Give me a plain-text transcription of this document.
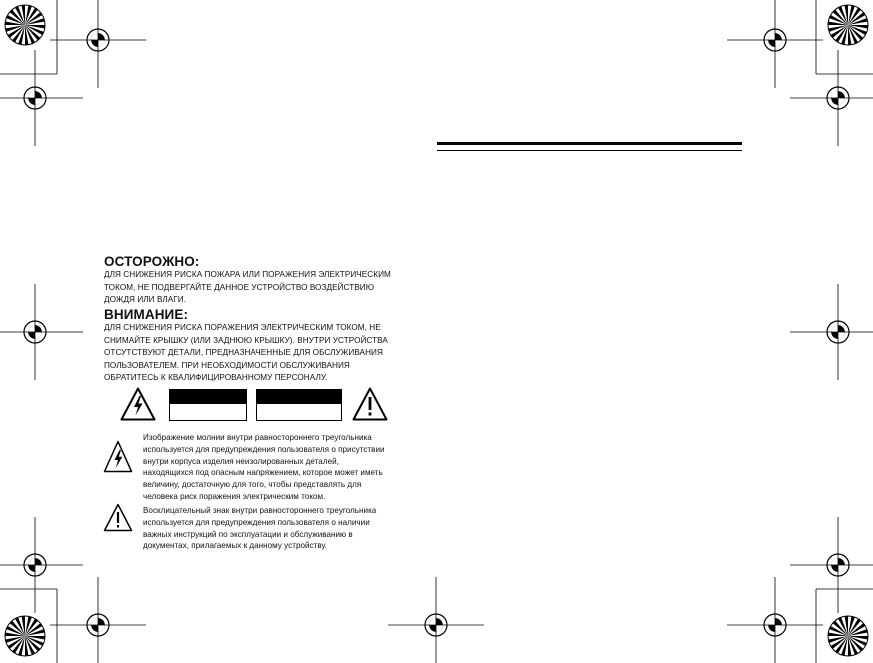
ОСТОРОЖНО:

ДЛЯ СНИЖЕНИЯ РИСКА ПОЖАРА ИЛИ ПОРАЖЕНИЯ ЭЛЕКТРИЧЕСКИМ
ТОКОМ, НЕ ПОДВЕРГАЙТЕ ДАННОЕ УСТРОЙСТВО ВОЗДЕЙСТВИЮ
ДОЖДЯ ИЛИ ВЛАГИ.

ВНИМАНИЕ:

ДЛЯ СНИЖЕНИЯ РИСКА ПОРАЖЕНИЯ ЭЛЕКТРИЧЕСКИМ ТОКОМ, НЕ
СНИМАЙТЕ КРЫШКУ (ИЛИ ЗАДНЮЮ КРЫШКУ). ВНУТРИ УСТРОЙСТВА
ОТСУТСТВУЮТ ДЕТАЛИ, ПРЕДНАЗНАЧЕННЫЕ ДЛЯ ОБСЛУЖИВАНИЯ
ПОЛЬЗОВАТЕЛЕМ. ПРИ НЕОБХОДИМОСТИ ОБСЛУЖИВАНИЯ
ОБРАТИТЕСЬ К КВАЛИФИЦИРОВАННОМУ ПЕРСОНАЛУ.

Изображение молнии внутри равностороннего треугольника
используется для предупреждения пользователя о присутствии
внутри корпуса изделия неизолированных деталей,
находящихся под опасным напряжением, которое может иметь
величину, достаточную для того, чтобы представлять для
человека риск поражения электрическим током.

Восклицательный знак внутри равностороннего треугольника
используется для предупреждения пользователя о наличии
важных инструкций по эксплуатации и обслуживанию в
документах, прилагаемых к данному устройству.
